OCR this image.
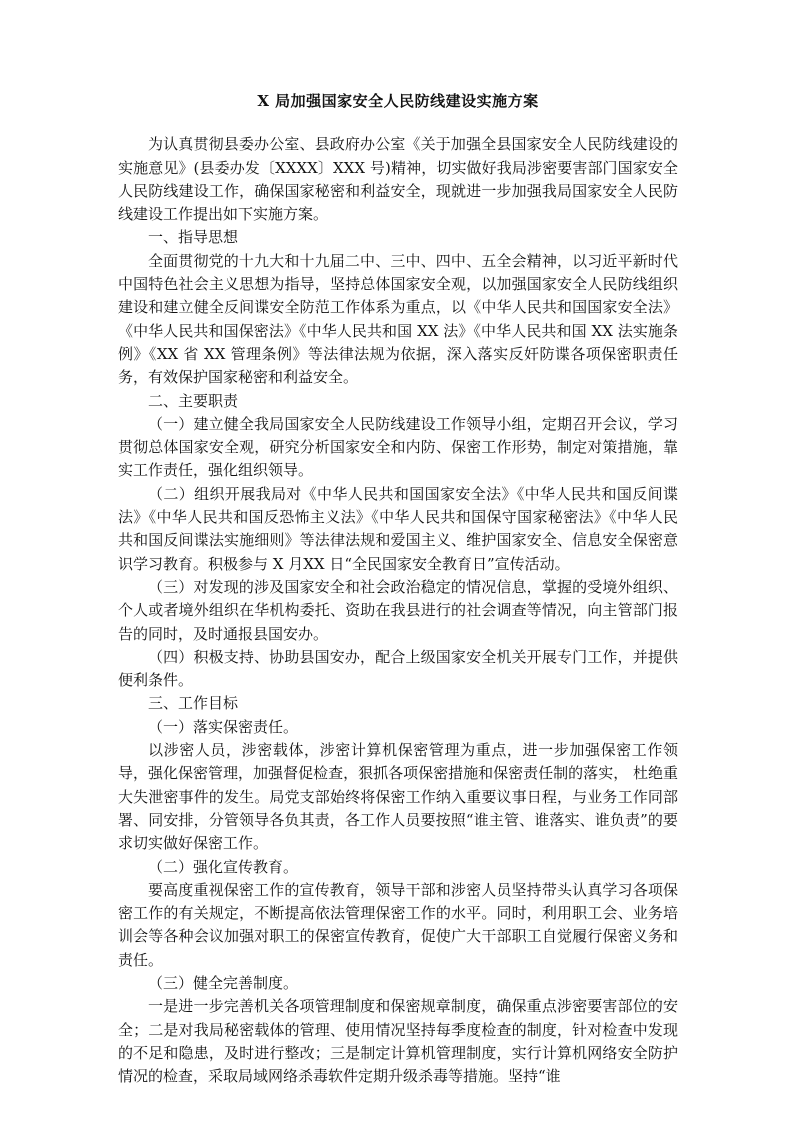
X 局加强国家安全人民防线建设实施方案

为认真贯彻县委办公室、县政府办公室《关于加强全县国家安全人民防线建设的实施意见》(县委办发〔XXXX〕XXX 号)精神，切实做好我局涉密要害部门国家安全人民防线建设工作，确保国家秘密和利益安全，现就进一步加强我局国家安全人民防线建设工作提出如下实施方案。

一、指导思想

全面贯彻党的十九大和十九届二中、三中、四中、五全会精神，以习近平新时代中国特色社会主义思想为指导，坚持总体国家安全观，以加强国家安全人民防线组织建设和建立健全反间谍安全防范工作体系为重点，以《中华人民共和国国家安全法》《中华人民共和国保密法》《中华人民共和国 XX 法》《中华人民共和国 XX 法实施条例》《XX 省 XX 管理条例》等法律法规为依据，深入落实反奸防谍各项保密职责任务，有效保护国家秘密和利益安全。

二、主要职责

（一）建立健全我局国家安全人民防线建设工作领导小组，定期召开会议，学习贯彻总体国家安全观，研究分析国家安全和内防、保密工作形势，制定对策措施，靠实工作责任，强化组织领导。

（二）组织开展我局对《中华人民共和国国家安全法》《中华人民共和国反间谍法》《中华人民共和国反恐怖主义法》《中华人民共和国保守国家秘密法》《中华人民共和国反间谍法实施细则》等法律法规和爱国主义、维护国家安全、信息安全保密意识学习教育。积极参与 X 月XX 日“全民国家安全教育日”宣传活动。

（三）对发现的涉及国家安全和社会政治稳定的情况信息，掌握的受境外组织、个人或者境外组织在华机构委托、资助在我县进行的社会调查等情况，向主管部门报告的同时，及时通报县国安办。

（四）积极支持、协助县国安办，配合上级国家安全机关开展专门工作，并提供便利条件。

三、工作目标

（一）落实保密责任。

以涉密人员，涉密载体，涉密计算机保密管理为重点，进一步加强保密工作领导，强化保密管理，加强督促检查，狠抓各项保密措施和保密责任制的落实， 杜绝重大失泄密事件的发生。局党支部始终将保密工作纳入重要议事日程，与业务工作同部署、同安排，分管领导各负其责，各工作人员要按照“谁主管、谁落实、谁负责”的要求切实做好保密工作。

（二）强化宣传教育。

要高度重视保密工作的宣传教育，领导干部和涉密人员坚持带头认真学习各项保密工作的有关规定，不断提高依法管理保密工作的水平。同时，利用职工会、业务培训会等各种会议加强对职工的保密宣传教育，促使广大干部职工自觉履行保密义务和责任。

（三）健全完善制度。

一是进一步完善机关各项管理制度和保密规章制度，确保重点涉密要害部位的安全；二是对我局秘密载体的管理、使用情况坚持每季度检查的制度，针对检查中发现的不足和隐患，及时进行整改；三是制定计算机管理制度，实行计算机网络安全防护情况的检查，采取局域网络杀毒软件定期升级杀毒等措施。坚持“谁
